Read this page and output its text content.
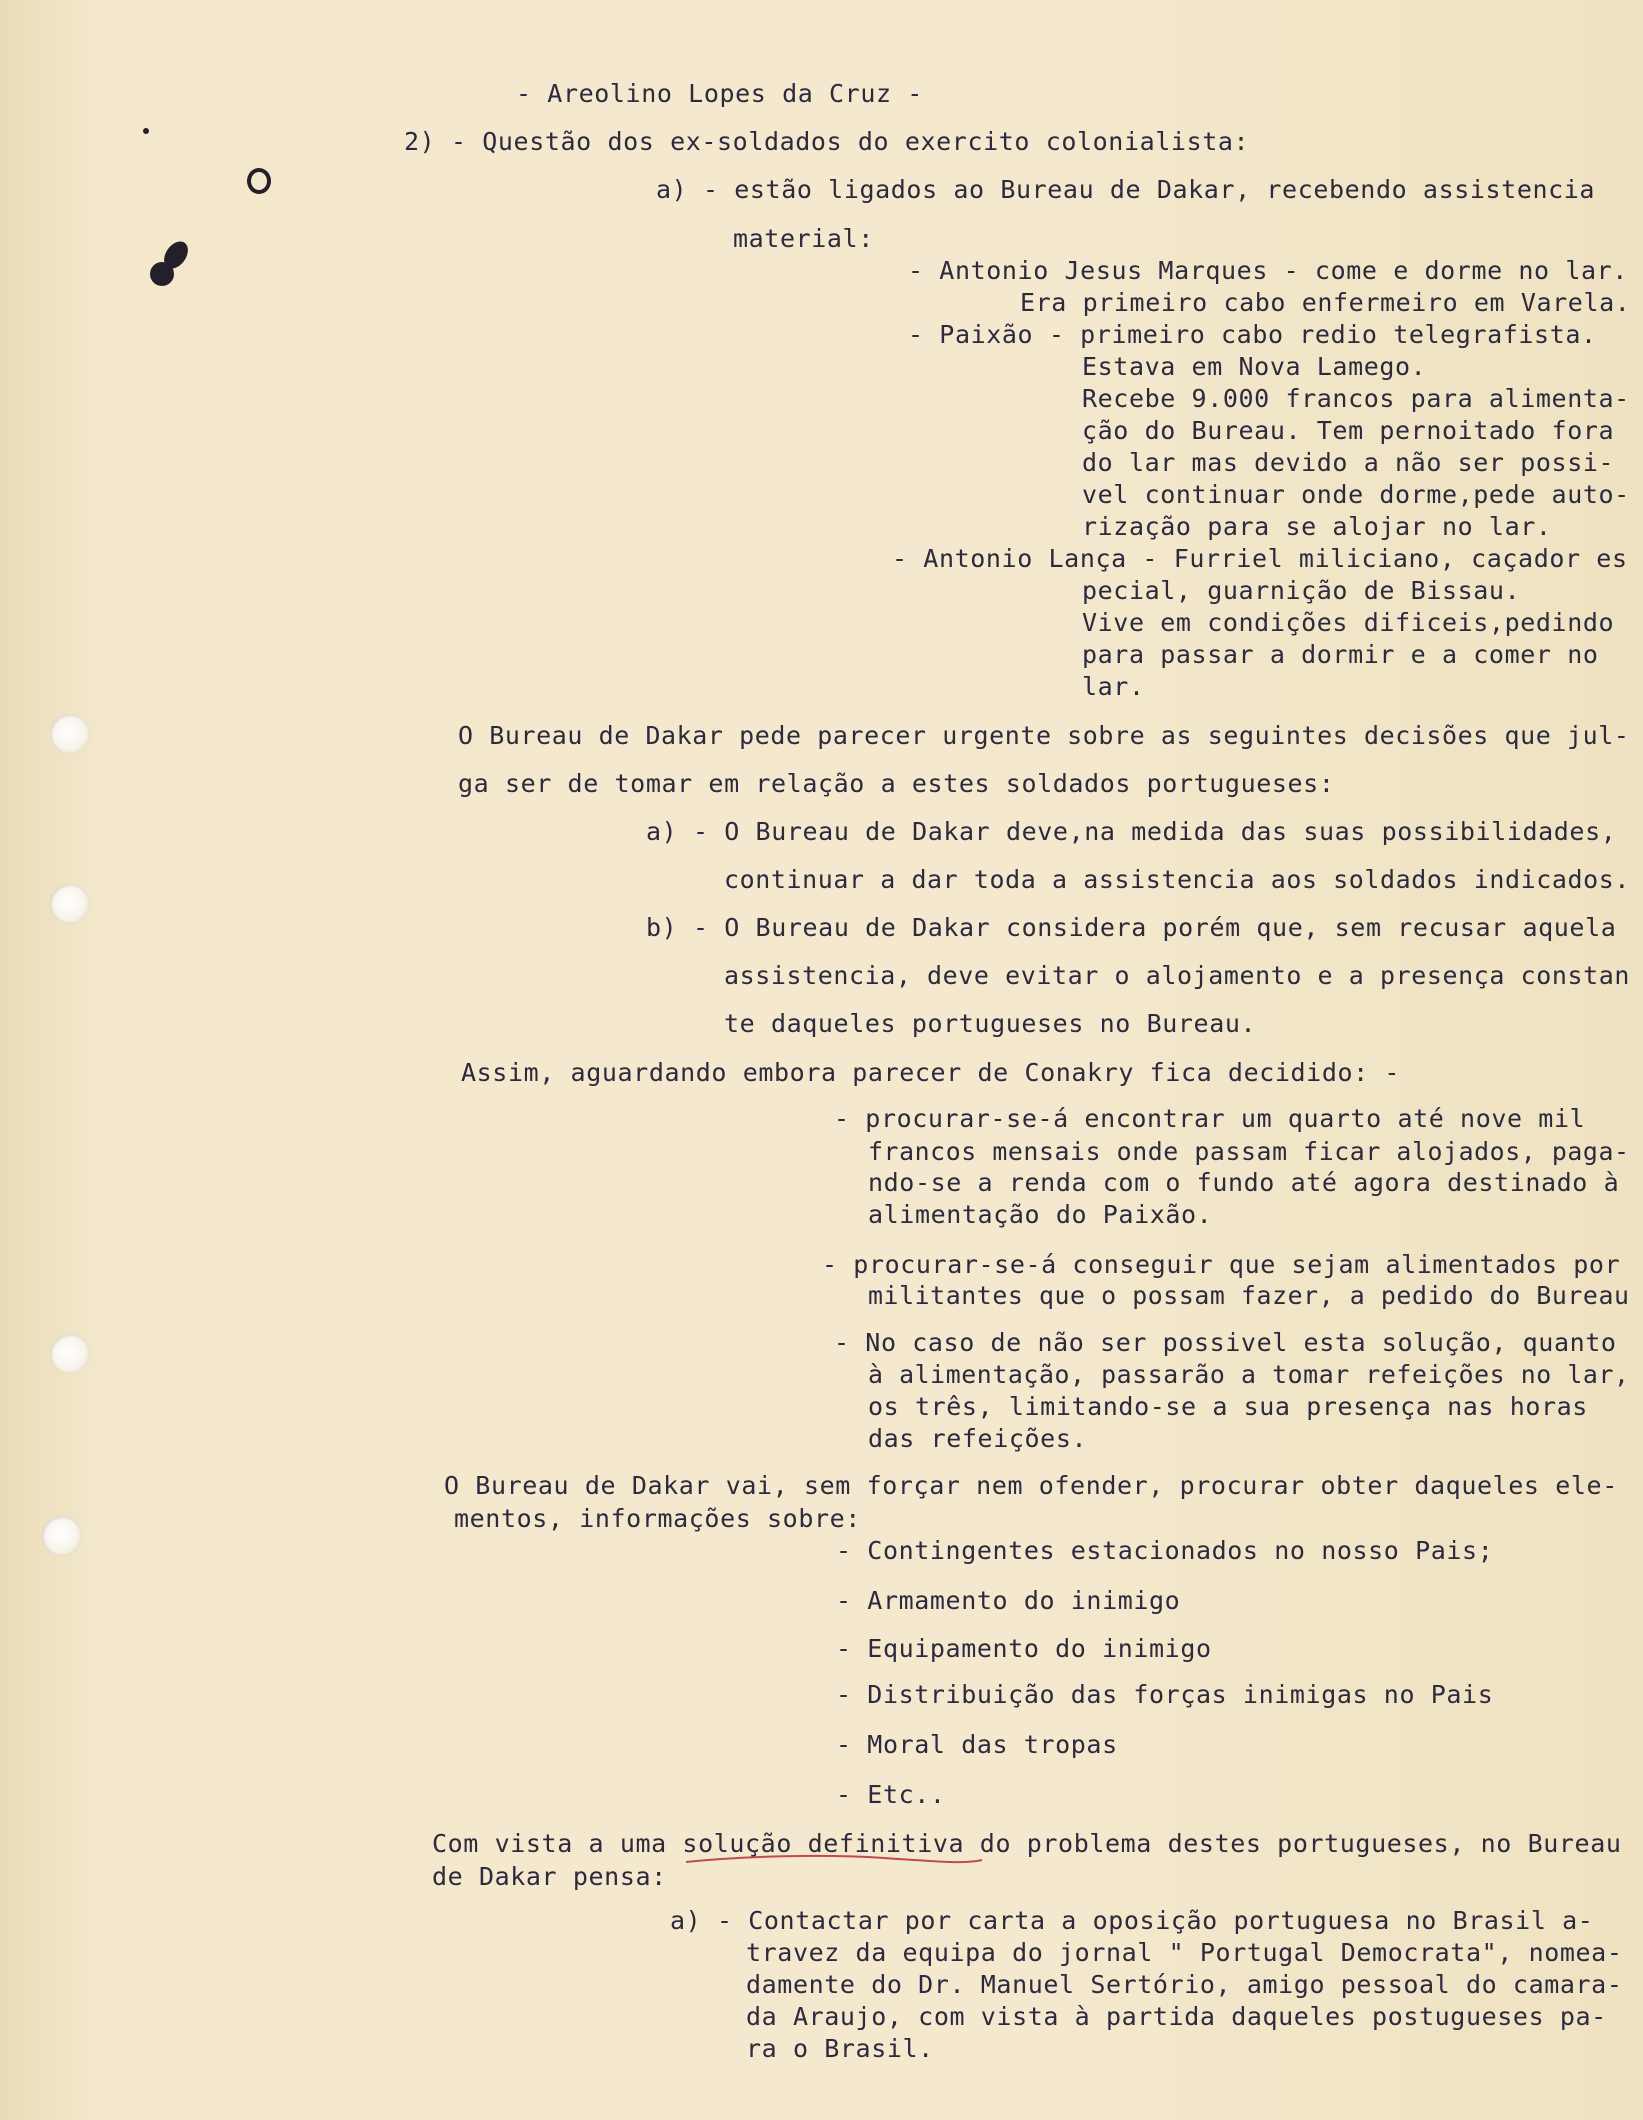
- Areolino Lopes da Cruz -
2) - Questão dos ex-soldados do exercito colonialista:
a) - estão ligados ao Bureau de Dakar, recebendo assistencia
material:
- Antonio Jesus Marques - come e dorme no lar.
Era primeiro cabo enfermeiro em Varela.
- Paixão - primeiro cabo redio telegrafista.
Estava em Nova Lamego.
Recebe 9.000 francos para alimenta-
ção do Bureau. Tem pernoitado fora
do lar mas devido a não ser possi-
vel continuar onde dorme,pede auto-
rização para se alojar no lar.
- Antonio Lança - Furriel miliciano, caçador es
pecial, guarnição de Bissau.
Vive em condições dificeis,pedindo
para passar a dormir e a comer no
lar.
O Bureau de Dakar pede parecer urgente sobre as seguintes decisões que jul-
ga ser de tomar em relação a estes soldados portugueses:
a) - O Bureau de Dakar deve,na medida das suas possibilidades,
continuar a dar toda a assistencia aos soldados indicados.
b) - O Bureau de Dakar considera porém que, sem recusar aquela
assistencia, deve evitar o alojamento e a presença constan
te daqueles portugueses no Bureau.
Assim, aguardando embora parecer de Conakry fica decidido: -
- procurar-se-á encontrar um quarto até nove mil
francos mensais onde passam ficar alojados, paga-
ndo-se a renda com o fundo até agora destinado à
alimentação do Paixão.
- procurar-se-á conseguir que sejam alimentados por
militantes que o possam fazer, a pedido do Bureau
- No caso de não ser possivel esta solução, quanto
à alimentação, passarão a tomar refeições no lar,
os três, limitando-se a sua presença nas horas
das refeições.
O Bureau de Dakar vai, sem forçar nem ofender, procurar obter daqueles ele-
mentos, informações sobre:
- Contingentes estacionados no nosso Pais;
- Armamento do inimigo
- Equipamento do inimigo
- Distribuição das forças inimigas no Pais
- Moral das tropas
- Etc..
Com vista a uma solução definitiva do problema destes portugueses, no Bureau
de Dakar pensa:
a) - Contactar por carta a oposição portuguesa no Brasil a-
travez da equipa do jornal " Portugal Democrata", nomea-
damente do Dr. Manuel Sertório, amigo pessoal do camara-
da Araujo, com vista à partida daqueles postugueses pa-
ra o Brasil.
